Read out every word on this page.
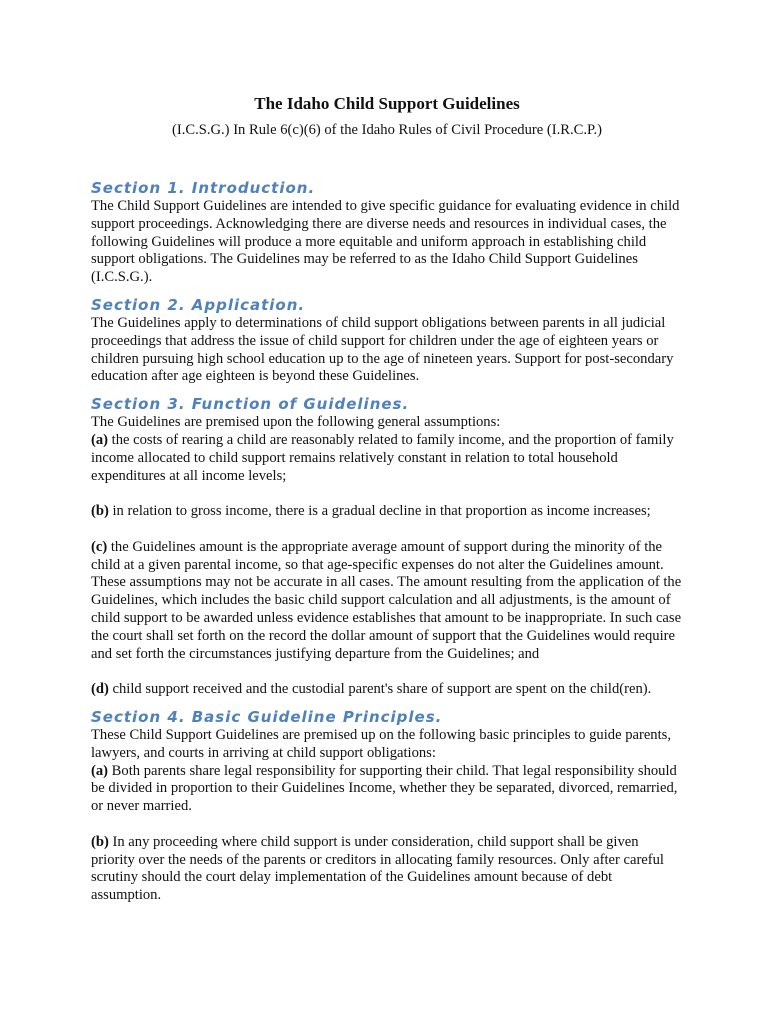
The Idaho Child Support Guidelines

(I.C.S.G.) In Rule 6(c)(6) of the Idaho Rules of Civil Procedure (I.R.C.P.)

Section 1. Introduction.

The Child Support Guidelines are intended to give specific guidance for evaluating evidence in child support proceedings. Acknowledging there are diverse needs and resources in individual cases, the following Guidelines will produce a more equitable and uniform approach in establishing child support obligations. The Guidelines may be referred to as the Idaho Child Support Guidelines (I.C.S.G.).

Section 2. Application.

The Guidelines apply to determinations of child support obligations between parents in all judicial proceedings that address the issue of child support for children under the age of eighteen years or children pursuing high school education up to the age of nineteen years. Support for post-secondary education after age eighteen is beyond these Guidelines.

Section 3. Function of Guidelines.

The Guidelines are premised upon the following general assumptions:

(a) the costs of rearing a child are reasonably related to family income, and the proportion of family income allocated to child support remains relatively constant in relation to total household expenditures at all income levels;

(b) in relation to gross income, there is a gradual decline in that proportion as income increases;

(c) the Guidelines amount is the appropriate average amount of support during the minority of the child at a given parental income, so that age-specific expenses do not alter the Guidelines amount. These assumptions may not be accurate in all cases. The amount resulting from the application of the Guidelines, which includes the basic child support calculation and all adjustments, is the amount of child support to be awarded unless evidence establishes that amount to be inappropriate. In such case the court shall set forth on the record the dollar amount of support that the Guidelines would require and set forth the circumstances justifying departure from the Guidelines; and

(d) child support received and the custodial parent's share of support are spent on the child(ren).

Section 4. Basic Guideline Principles.

These Child Support Guidelines are premised up on the following basic principles to guide parents, lawyers, and courts in arriving at child support obligations:

(a) Both parents share legal responsibility for supporting their child. That legal responsibility should be divided in proportion to their Guidelines Income, whether they be separated, divorced, remarried, or never married.

(b) In any proceeding where child support is under consideration, child support shall be given priority over the needs of the parents or creditors in allocating family resources. Only after careful scrutiny should the court delay implementation of the Guidelines amount because of debt assumption.
